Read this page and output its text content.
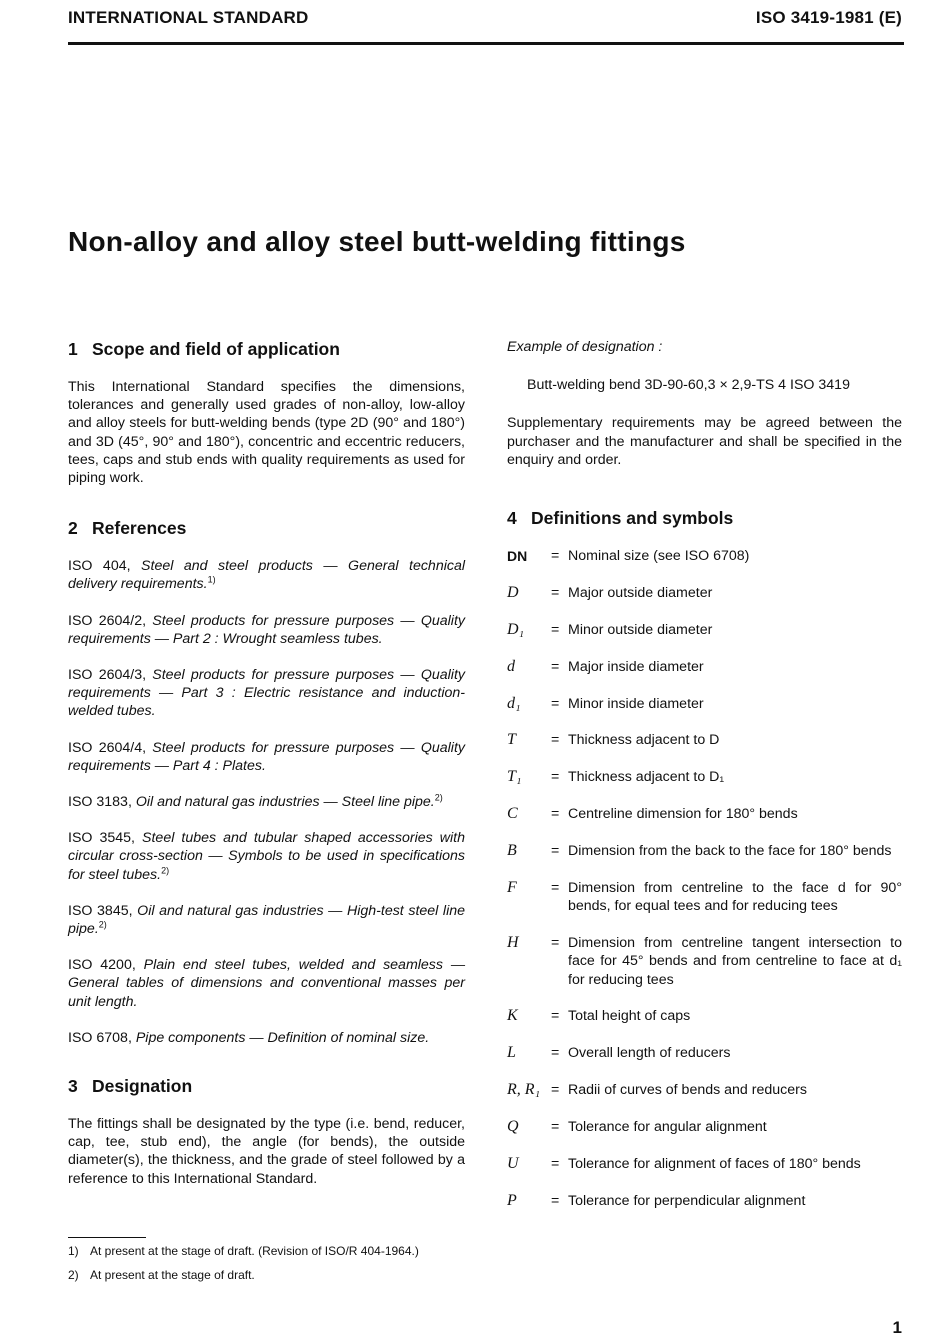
INTERNATIONAL STANDARD	ISO 3419-1981 (E)
Non-alloy and alloy steel butt-welding fittings
1 Scope and field of application

This International Standard specifies the dimensions, tolerances and generally used grades of non-alloy, low-alloy and alloy steels for butt-welding bends (type 2D (90° and 180°) and 3D (45°, 90° and 180°), concentric and eccentric reducers, tees, caps and stub ends with quality requirements as used for piping work.

2 References

ISO 404, Steel and steel products — General technical delivery requirements.$^{1)}$

ISO 2604/2, Steel products for pressure purposes — Quality requirements — Part 2 : Wrought seamless tubes.

ISO 2604/3, Steel products for pressure purposes — Quality requirements — Part 3 : Electric resistance and induction-welded tubes.

ISO 2604/4, Steel products for pressure purposes — Quality requirements — Part 4 : Plates.

ISO 3183, Oil and natural gas industries — Steel line pipe.$^{2)}$

ISO 3545, Steel tubes and tubular shaped accessories with circular cross-section — Symbols to be used in specifications for steel tubes.$^{2)}$

ISO 3845, Oil and natural gas industries — High-test steel line pipe.$^{2)}$

ISO 4200, Plain end steel tubes, welded and seamless — General tables of dimensions and conventional masses per unit length.

ISO 6708, Pipe components — Definition of nominal size.

3 Designation

The fittings shall be designated by the type (i.e. bend, reducer, cap, tee, stub end), the angle (for bends), the outside diameter(s), the thickness, and the grade of steel followed by a reference to this International Standard.

Example of designation :

Butt-welding bend 3D-90-60,3 × 2,9-TS 4 ISO 3419

Supplementary requirements may be agreed between the purchaser and the manufacturer and shall be specified in the enquiry and order.

4 Definitions and symbols
DN	= Nominal size (see ISO 6708)
D	= Major outside diameter
D₁	= Minor outside diameter
d	= Major inside diameter
d₁	= Minor inside diameter
T	= Thickness adjacent to D
T₁	= Thickness adjacent to D₁
C	= Centreline dimension for 180° bends
B	= Dimension from the back to the face for 180° bends
F	= Dimension from centreline to the face d for 90° bends, for equal tees and for reducing tees
H	= Dimension from centreline tangent intersection to face for 45° bends and from centreline to face at d₁ for reducing tees
K	= Total height of caps
L	= Overall length of reducers
R, R₁ = Radii of curves of bends and reducers
Q	= Tolerance for angular alignment
U	= Tolerance for alignment of faces of 180° bends
P	= Tolerance for perpendicular alignment
1) At present at the stage of draft. (Revision of ISO/R 404-1964.)
2) At present at the stage of draft.
1
